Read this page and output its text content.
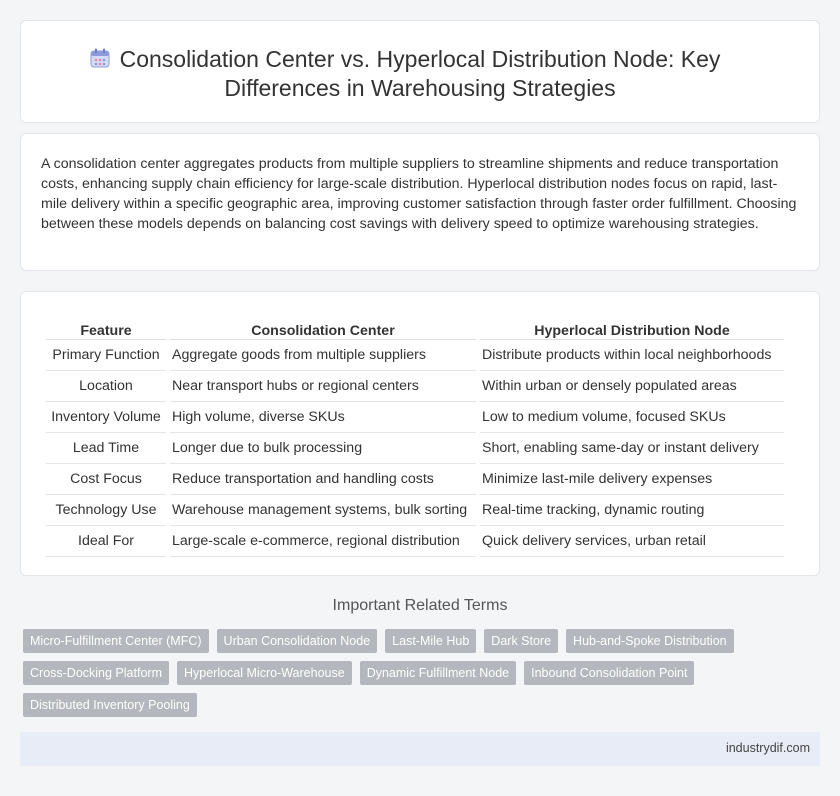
Consolidation Center vs. Hyperlocal Distribution Node: Key
Differences in Warehousing Strategies
A consolidation center aggregates products from multiple suppliers to streamline shipments and reduce transportation costs, enhancing supply chain efficiency for large-scale distribution. Hyperlocal distribution nodes focus on rapid, last-mile delivery within a specific geographic area, improving customer satisfaction through faster order fulfillment. Choosing between these models depends on balancing cost savings with delivery speed to optimize warehousing strategies.
Feature	Consolidation Center	Hyperlocal Distribution Node
Primary Function	Aggregate goods from multiple suppliers	Distribute products within local neighborhoods
Location	Near transport hubs or regional centers	Within urban or densely populated areas
Inventory Volume	High volume, diverse SKUs	Low to medium volume, focused SKUs
Lead Time	Longer due to bulk processing	Short, enabling same-day or instant delivery
Cost Focus	Reduce transportation and handling costs	Minimize last-mile delivery expenses
Technology Use	Warehouse management systems, bulk sorting	Real-time tracking, dynamic routing
Ideal For	Large-scale e-commerce, regional distribution	Quick delivery services, urban retail
Important Related Terms
Micro-Fulfillment Center (MFC)	Urban Consolidation Node	Last-Mile Hub	Dark Store	Hub-and-Spoke Distribution
Cross-Docking Platform	Hyperlocal Micro-Warehouse	Dynamic Fulfillment Node	Inbound Consolidation Point
Distributed Inventory Pooling
industrydif.com
